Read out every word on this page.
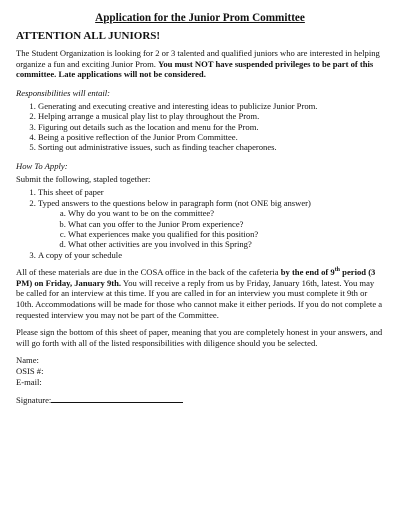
Application for the Junior Prom Committee
ATTENTION ALL JUNIORS!

The Student Organization is looking for 2 or 3 talented and qualified juniors who are interested in helping organize a fun and exciting Junior Prom. You must NOT have suspended privileges to be part of this committee. Late applications will not be considered.

Responsibilities will entail:
1. Generating and executing creative and interesting ideas to publicize Junior Prom.
2. Helping arrange a musical play list to play throughout the Prom.
3. Figuring out details such as the location and menu for the Prom.
4. Being a positive reflection of the Junior Prom Committee.
5. Sorting out administrative issues, such as finding teacher chaperones.
How To Apply:

Submit the following, stapled together:

1. This sheet of paper
2. Typed answers to the questions below in paragraph form (not ONE big answer)
a. Why do you want to be on the committee?
b. What can you offer to the Junior Prom experience?
c. What experiences make you qualified for this position?
d. What other activities are you involved in this Spring?
3. A copy of your schedule

All of these materials are due in the COSA office in the back of the cafeteria by the end of 9th period (3 PM) on Friday, January 9th. You will receive a reply from us by Friday, January 16th, latest. You may be called for an interview at this time. If you are called in for an interview you must complete it 9th or 10th. Accommodations will be made for those who cannot make it either periods. If you do not complete a requested interview you may not be part of the Committee.

Please sign the bottom of this sheet of paper, meaning that you are completely honest in your answers, and will go forth with all of the listed responsibilities with diligence should you be selected.

Name:

OSIS #:

E-mail:

Signature:
